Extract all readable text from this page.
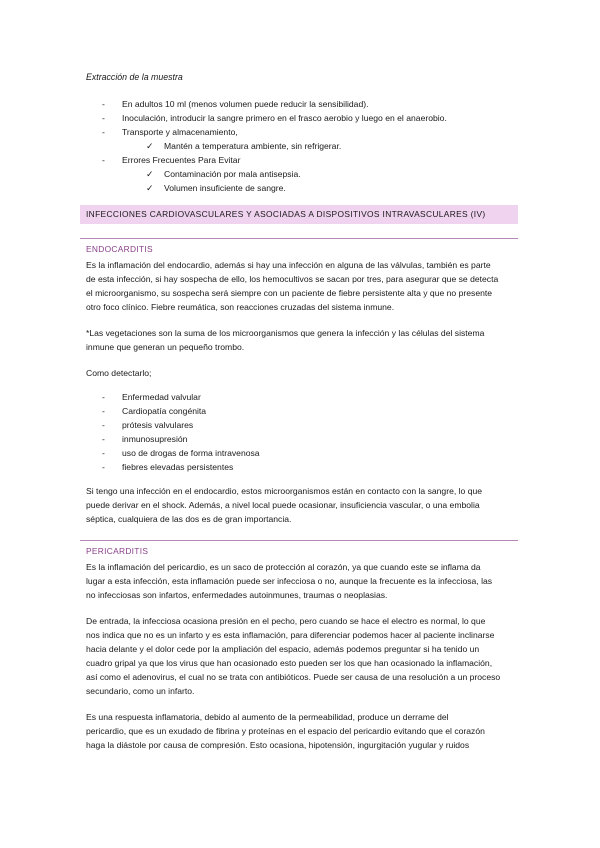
Extracción de la muestra
- En adultos 10 ml (menos volumen puede reducir la sensibilidad).
- Inoculación, introducir la sangre primero en el frasco aerobio y luego en el anaerobio.
- Transporte y almacenamiento,
✓ Mantén a temperatura ambiente, sin refrigerar.
- Errores Frecuentes Para Evitar
✓ Contaminación por mala antisepsia.
✓ Volumen insuficiente de sangre.
INFECCIONES CARDIOVASCULARES Y ASOCIADAS A DISPOSITIVOS INTRAVASCULARES (IV)
ENDOCARDITIS

Es la inflamación del endocardio, además si hay una infección en alguna de las válvulas, también es parte
de esta infección, si hay sospecha de ello, los hemocultivos se sacan por tres, para asegurar que se detecta
el microorganismo, su sospecha será siempre con un paciente de fiebre persistente alta y que no presente
otro foco clínico. Fiebre reumática, son reacciones cruzadas del sistema inmune.

*Las vegetaciones son la suma de los microorganismos que genera la infección y las células del sistema
inmune que generan un pequeño trombo.

Como detectarlo;
- Enfermedad valvular
- Cardiopatía congénita
- prótesis valvulares
- inmunosupresión
- uso de drogas de forma intravenosa
- fiebres elevadas persistentes

Si tengo una infección en el endocardio, estos microorganismos están en contacto con la sangre, lo que
puede derivar en el shock. Además, a nivel local puede ocasionar, insuficiencia vascular, o una embolia
séptica, cualquiera de las dos es de gran importancia.

PERICARDITIS

Es la inflamación del pericardio, es un saco de protección al corazón, ya que cuando este se inflama da
lugar a esta infección, esta inflamación puede ser infecciosa o no, aunque la frecuente es la infecciosa, las
no infecciosas son infartos, enfermedades autoinmunes, traumas o neoplasias.

De entrada, la infecciosa ocasiona presión en el pecho, pero cuando se hace el electro es normal, lo que
nos indica que no es un infarto y es esta inflamación, para diferenciar podemos hacer al paciente inclinarse
hacia delante y el dolor cede por la ampliación del espacio, además podemos preguntar si ha tenido un
cuadro gripal ya que los virus que han ocasionado esto pueden ser los que han ocasionado la inflamación,
así como el adenovirus, el cual no se trata con antibióticos. Puede ser causa de una resolución a un proceso
secundario, como un infarto.

Es una respuesta inflamatoria, debido al aumento de la permeabilidad, produce un derrame del
pericardio, que es un exudado de fibrina y proteínas en el espacio del pericardio evitando que el corazón
haga la diástole por causa de compresión. Esto ocasiona, hipotensión, ingurgitación yugular y ruidos
